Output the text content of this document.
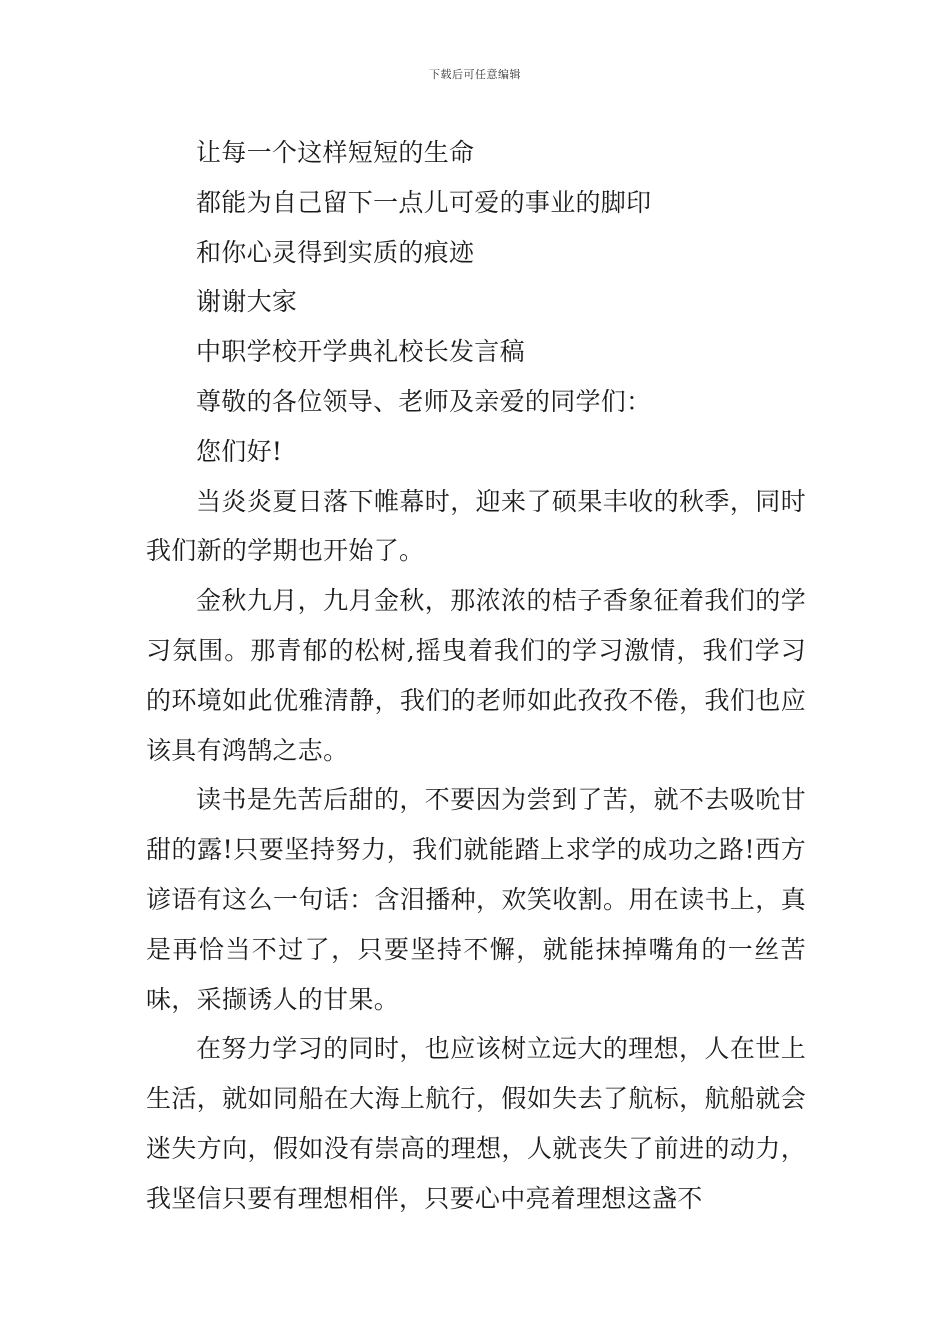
下载后可任意编辑

让每一个这样短短的生命

都能为自己留下一点儿可爱的事业的脚印

和你心灵得到实质的痕迹

谢谢大家

中职学校开学典礼校长发言稿

尊敬的各位领导、老师及亲爱的同学们：

您们好!

当炎炎夏日落下帷幕时，迎来了硕果丰收的秋季，同时我们新的学期也开始了。

金秋九月，九月金秋，那浓浓的桔子香象征着我们的学习氛围。那青郁的松树,摇曳着我们的学习激情，我们学习的环境如此优雅清静，我们的老师如此孜孜不倦，我们也应该具有鸿鹄之志。

读书是先苦后甜的，不要因为尝到了苦，就不去吸吮甘甜的露!只要坚持努力，我们就能踏上求学的成功之路!西方谚语有这么一句话：含泪播种，欢笑收割。用在读书上，真是再恰当不过了，只要坚持不懈，就能抹掉嘴角的一丝苦味，采撷诱人的甘果。

在努力学习的同时，也应该树立远大的理想，人在世上生活，就如同船在大海上航行，假如失去了航标，航船就会迷失方向，假如没有崇高的理想，人就丧失了前进的动力，我坚信只要有理想相伴，只要心中亮着理想这盏不
